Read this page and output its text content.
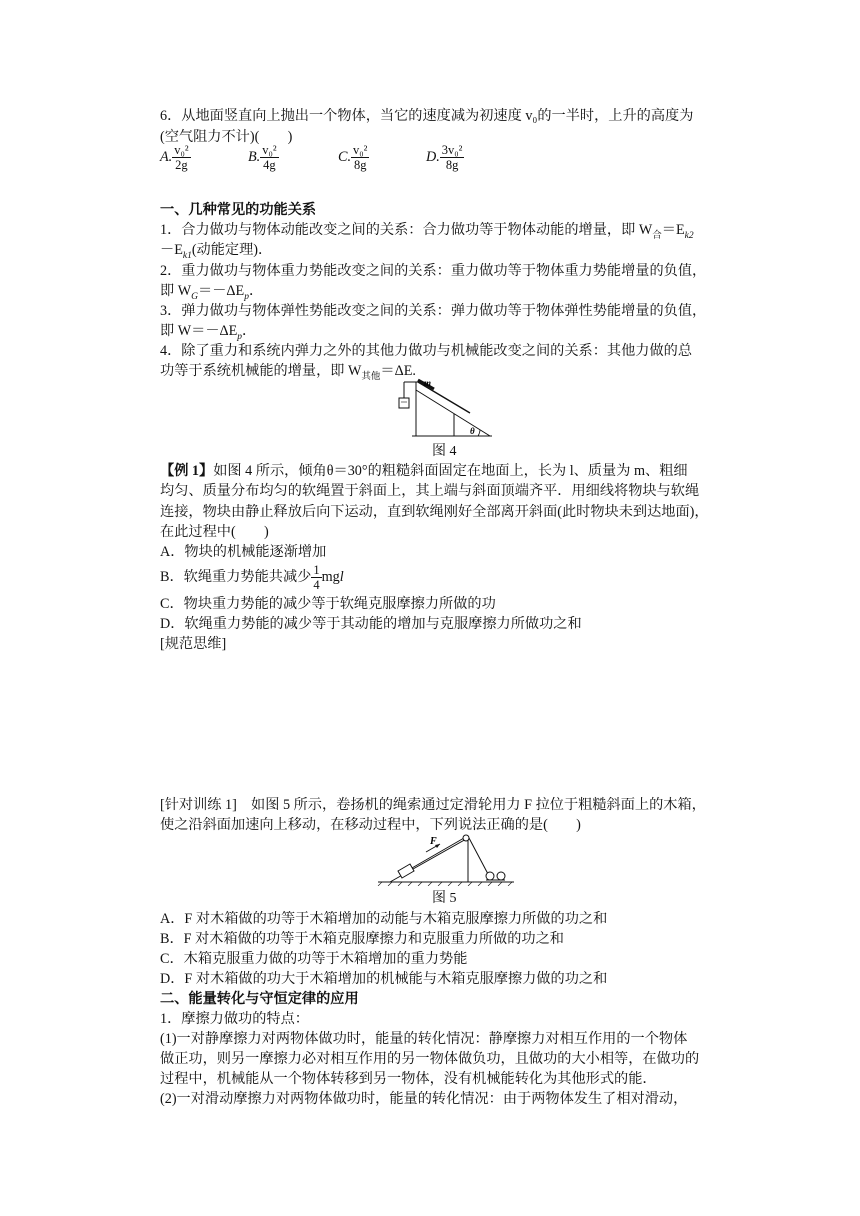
6．从地面竖直向上抛出一个物体，当它的速度减为初速度 v₀的一半时，上升的高度为
(空气阻力不计)(　　)
A. $\frac{\text{v₀²}}{2g}$	B. $\frac{\text{v₀²}}{4g}$	C. $\frac{\text{v₀²}}{8g}$	D. $\frac{\text{3v₀²}}{8g}$
一、几种常见的功能关系
1．合力做功与物体动能改变之间的关系：合力做功等于物体动能的增量，即 $W_合=E_{k2}$
$-E_{k1}$(动能定理)．
2．重力做功与物体重力势能改变之间的关系：重力做功等于物体重力势能增量的负值，
即 $W_G=-\Delta E_p$．
3．弹力做功与物体弹性势能改变之间的关系：弹力做功等于物体弹性势能增量的负值，
即 $W=-\Delta E_p$．
4．除了重力和系统内弹力之外的其他力做功与机械能改变之间的关系：其他力做的总
功等于系统机械能的增量，即 $W_{其他}=\Delta E$.
m
θ
图 4
【例 1】如图 4 所示，倾角θ＝30°的粗糙斜面固定在地面上，长为 l、质量为 m、粗细
均匀、质量分布均匀的软绳置于斜面上，其上端与斜面顶端齐平．用细线将物块与软绳
连接，物块由静止释放后向下运动，直到软绳刚好全部离开斜面(此时物块未到达地面)，
在此过程中(　　)
A．物块的机械能逐渐增加
B．软绳重力势能共减少 $\frac{1}{4}$ mgl
C．物块重力势能的减少等于软绳克服摩擦力所做的功
D．软绳重力势能的减少等于其动能的增加与克服摩擦力所做功之和
[规范思维]
[针对训练 1]　如图 5 所示，卷扬机的绳索通过定滑轮用力 F 拉位于粗糙斜面上的木箱，
使之沿斜面加速向上移动，在移动过程中，下列说法正确的是(　　)
F
图 5
A．F 对木箱做的功等于木箱增加的动能与木箱克服摩擦力所做的功之和
B．F 对木箱做的功等于木箱克服摩擦力和克服重力所做的功之和
C．木箱克服重力做的功等于木箱增加的重力势能
D．F 对木箱做的功大于木箱增加的机械能与木箱克服摩擦力做的功之和
二、能量转化与守恒定律的应用
1．摩擦力做功的特点：
(1)一对静摩擦力对两物体做功时，能量的转化情况：静摩擦力对相互作用的一个物体
做正功，则另一摩擦力必对相互作用的另一物体做负功，且做功的大小相等，在做功的
过程中，机械能从一个物体转移到另一物体，没有机械能转化为其他形式的能．
(2)一对滑动摩擦力对两物体做功时，能量的转化情况：由于两物体发生了相对滑动，
